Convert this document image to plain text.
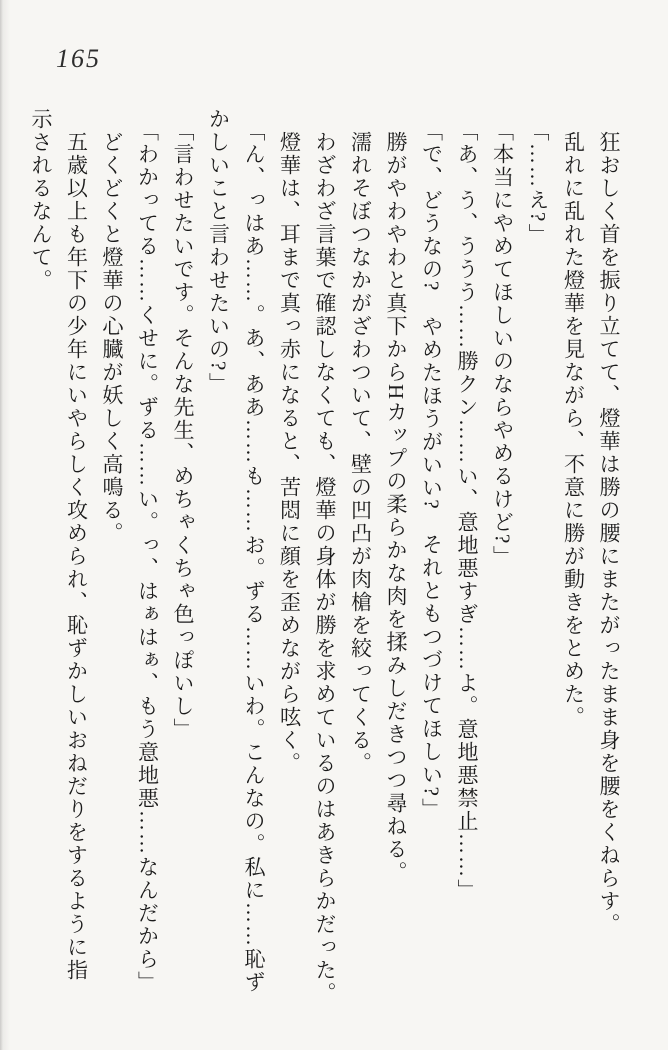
165
狂おしく首を振り立てて、燈華は勝の腰にまたがったまま身を腰をくねらす。
乱れに乱れた燈華を見ながら、不意に勝が動きをとめた。
「……え?」
「本当にやめてほしいのならやめるけど?」
「あ、う、ううう……勝クン……い、意地悪すぎ……よ。意地悪禁止……」
「で、どうなの?　やめたほうがいい?　それともつづけてほしい?」
勝がやわやわと真下からHカップの柔らかな肉を揉みしだきつつ尋ねる。
濡れそぼつなかがざわついて、壁の凹凸が肉槍を絞ってくる。
わざわざ言葉で確認しなくても、燈華の身体が勝を求めているのはあきらかだった。
燈華は、耳まで真っ赤になると、苦悶に顔を歪めながら呟く。
「ん、っはあ……。あ、ああ……も……お。ずる……いわ。こんなの。私に……恥ず
かしいこと言わせたいの?」
「言わせたいです。そんな先生、めちゃくちゃ色っぽいし」
「わかってる……くせに。ずる……い。っ、はぁはぁ、もう意地悪……なんだから」
どくどくと燈華の心臓が妖しく高鳴る。
五歳以上も年下の少年にいやらしく攻められ、恥ずかしいおねだりをするように指
示されるなんて。
